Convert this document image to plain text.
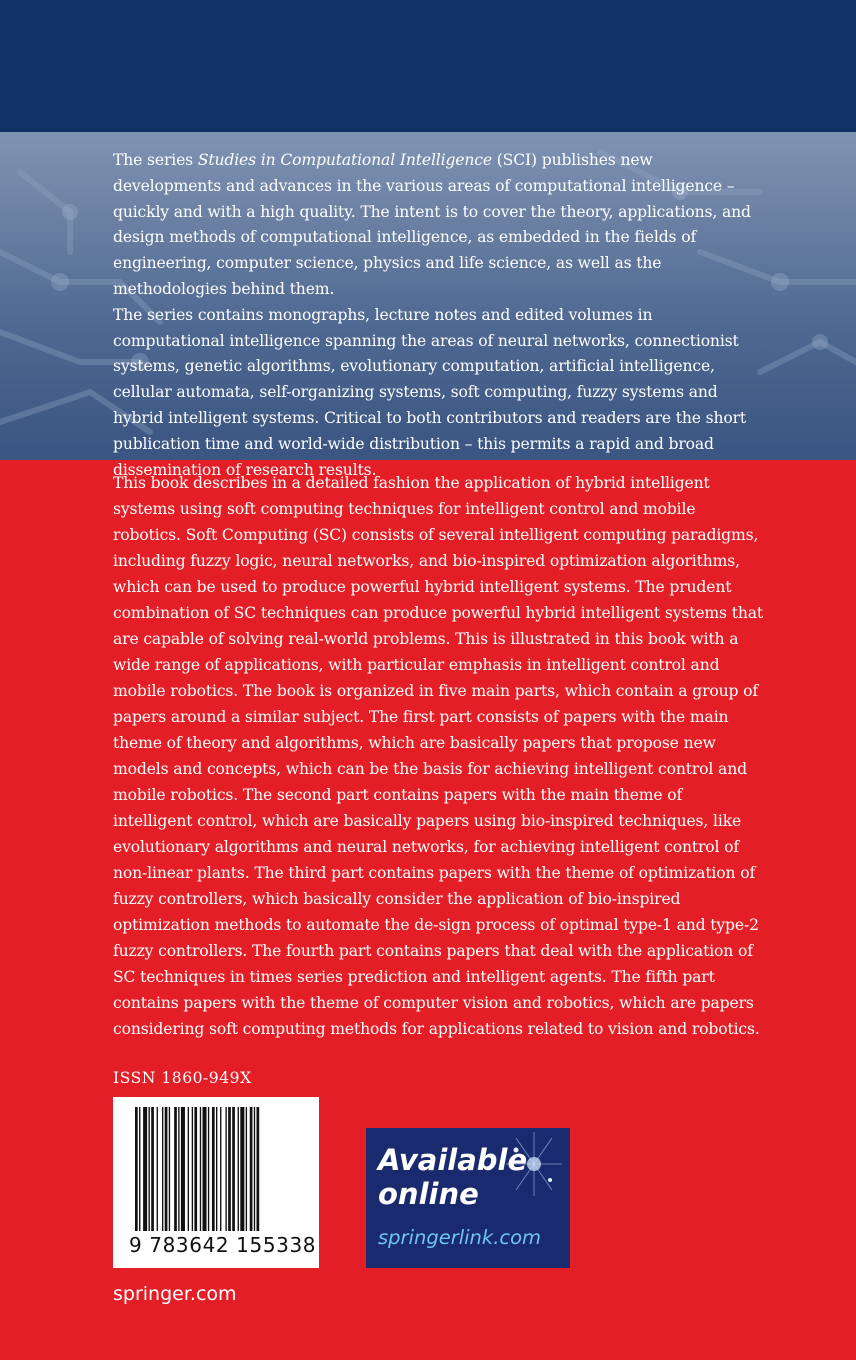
The series Studies in Computational Intelligence (SCI) publishes new developments and advances in the various areas of computational intelligence – quickly and with a high quality. The intent is to cover the theory, applications, and design methods of computational intelligence, as embedded in the fields of engineering, computer science, physics and life science, as well as the methodologies behind them.

The series contains monographs, lecture notes and edited volumes in computational intelligence spanning the areas of neural networks, connectionist systems, genetic algorithms, evolutionary computation, artificial intelligence, cellular automata, self-organizing systems, soft computing, fuzzy systems and hybrid intelligent systems. Critical to both contributors and readers are the short publication time and world-wide distribution – this permits a rapid and broad dissemination of research results.

This book describes in a detailed fashion the application of hybrid intelligent systems using soft computing techniques for intelligent control and mobile robotics. Soft Computing (SC) consists of several intelligent computing paradigms, including fuzzy logic, neural networks, and bio-inspired optimization algorithms, which can be used to produce powerful hybrid intelligent systems. The prudent combination of SC techniques can produce powerful hybrid intelligent systems that are capable of solving real-world problems. This is illustrated in this book with a wide range of applications, with particular emphasis in intelligent control and mobile robotics. The book is organized in five main parts, which contain a group of papers around a similar subject. The first part consists of papers with the main theme of theory and algorithms, which are basically papers that propose new models and concepts, which can be the basis for achieving intelligent control and mobile robotics. The second part contains papers with the main theme of intelligent control, which are basically papers using bio-inspired techniques, like evolutionary algorithms and neural networks, for achieving intelligent control of non-linear plants. The third part contains papers with the theme of optimization of fuzzy controllers, which basically consider the application of bio-inspired optimization methods to automate the de-sign process of optimal type-1 and type-2 fuzzy controllers. The fourth part contains papers that deal with the application of SC techniques in times series prediction and intelligent agents. The fifth part contains papers with the theme of computer vision and robotics, which are papers considering soft computing methods for applications related to vision and robotics.

ISSN 1860-949X
9 783642 155338
Available
online
springerlink.com
springer.com
